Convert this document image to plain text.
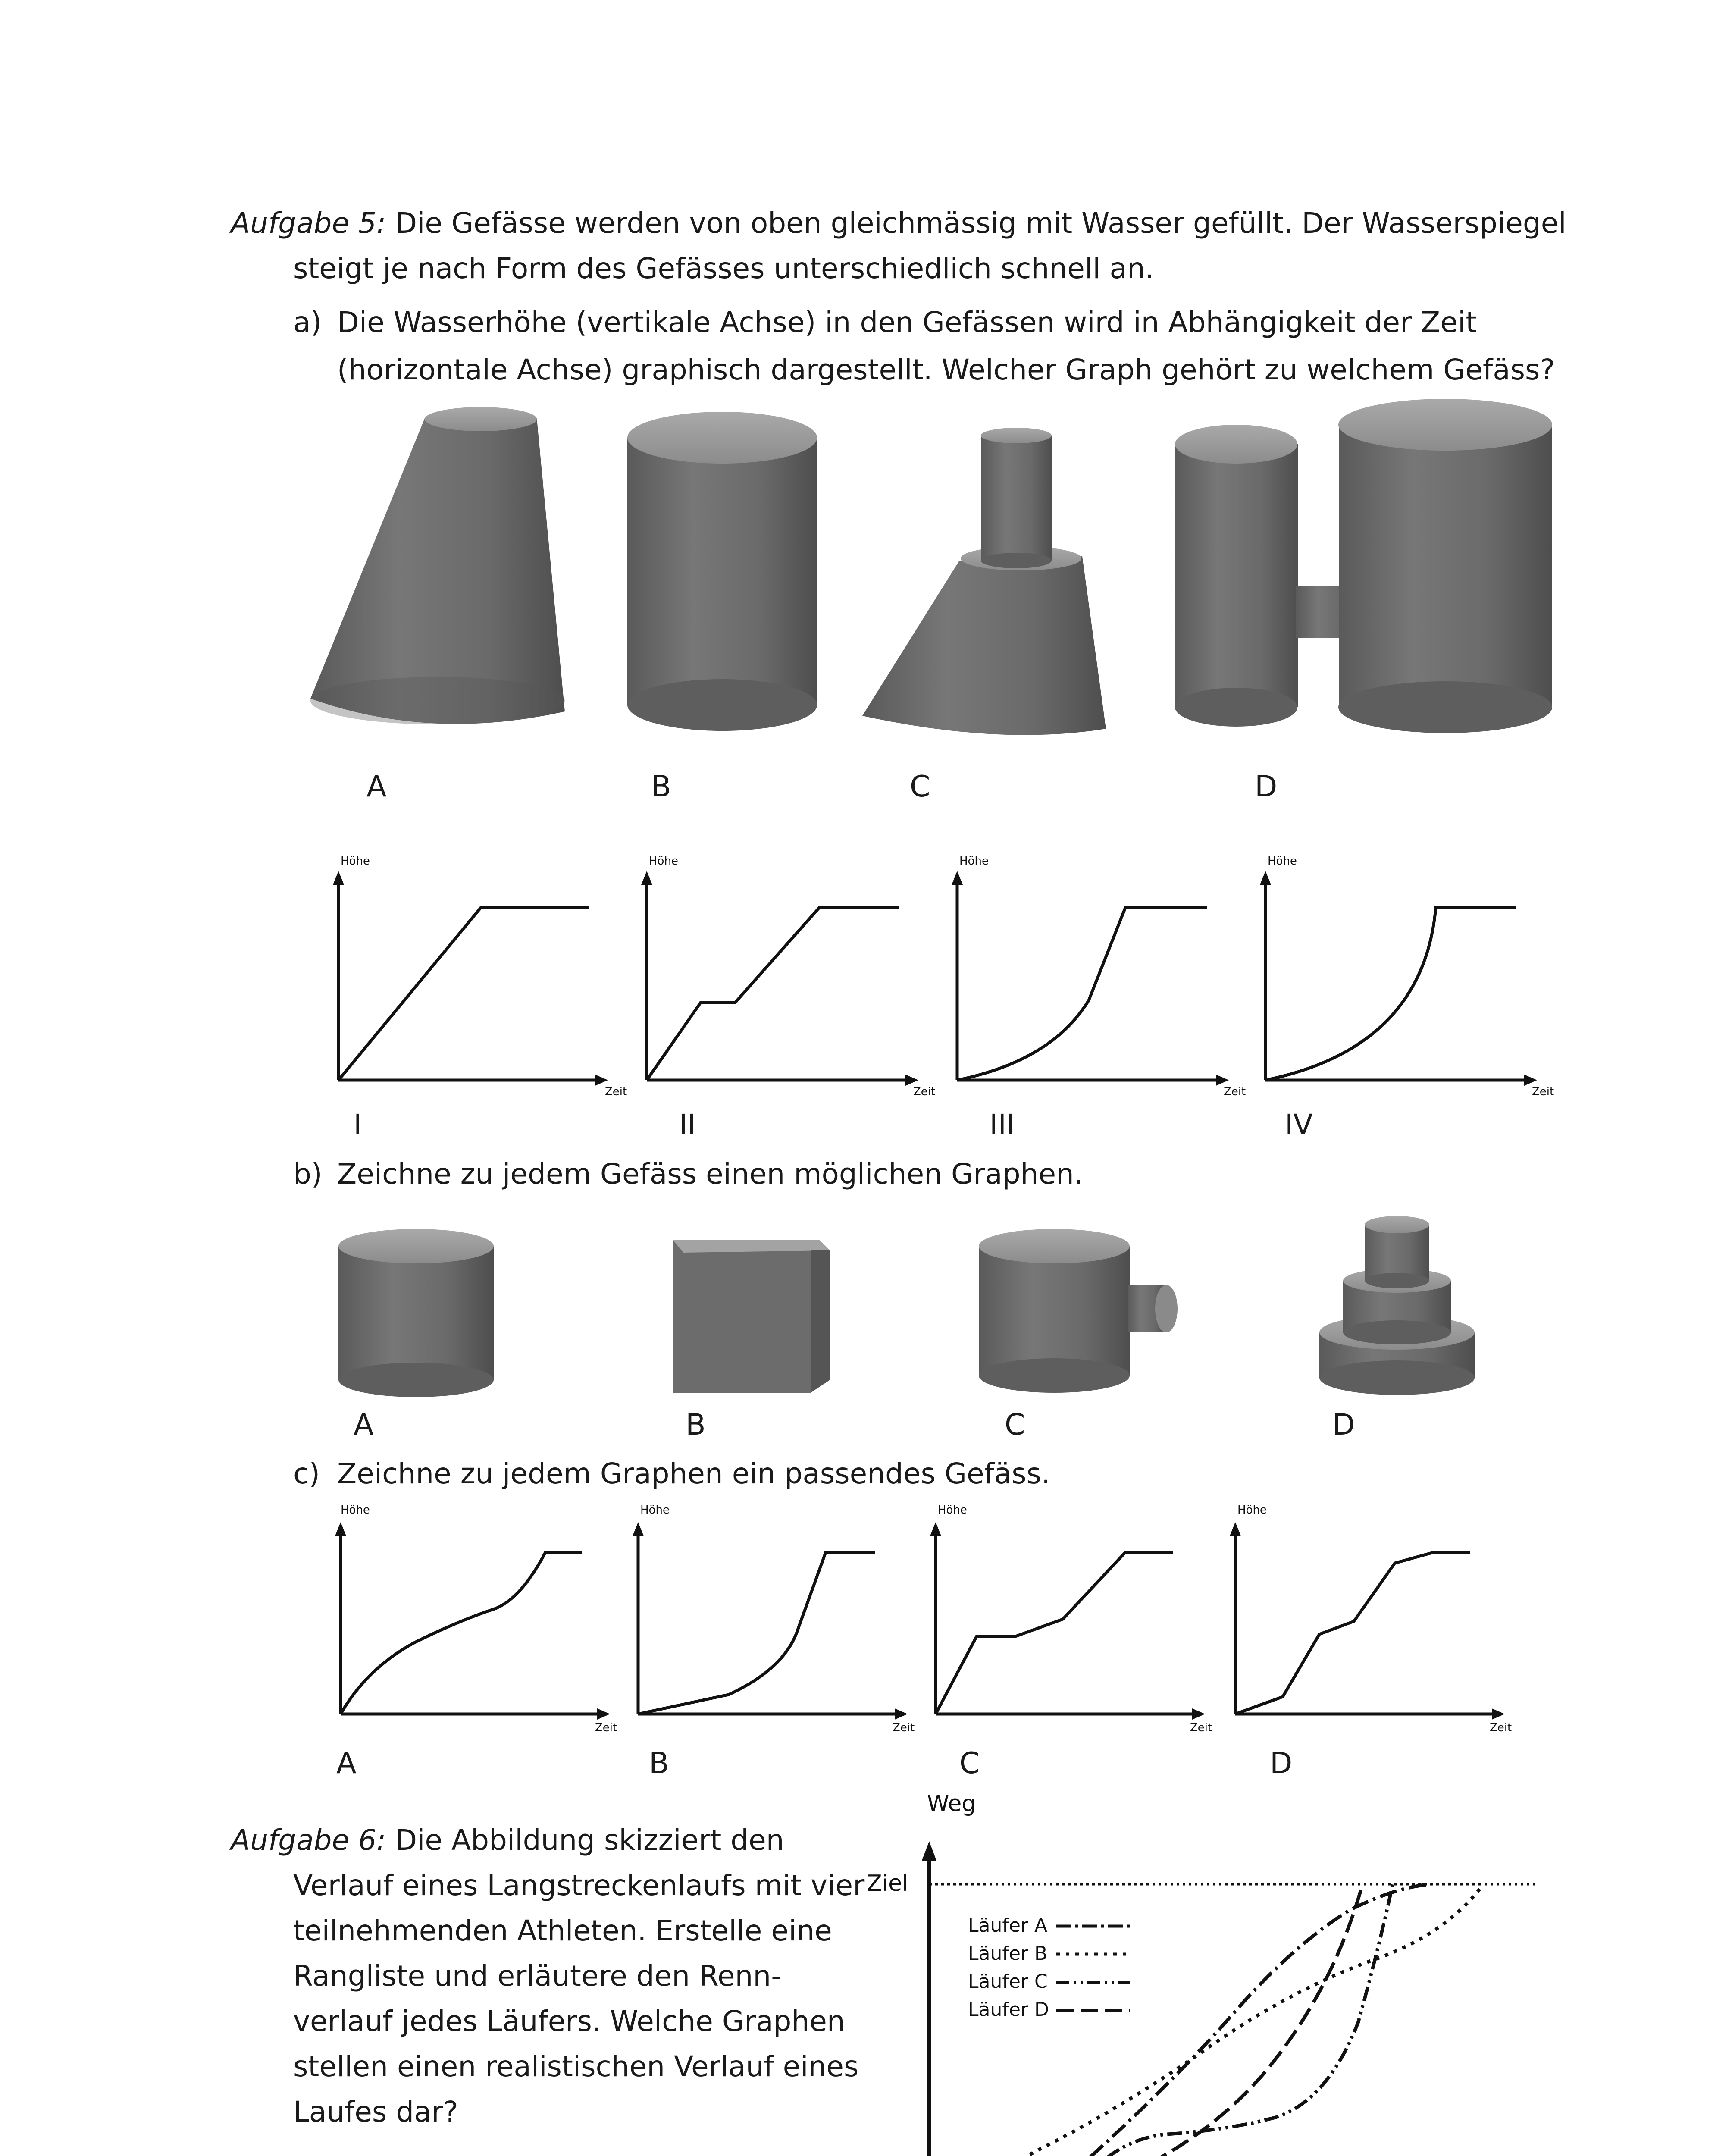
Aufgabe 5: Die Gefässe werden von oben gleichmässig mit Wasser gefüllt. Der Wasserspiegel
steigt je nach Form des Gefässes unterschiedlich schnell an.
a) Die Wasserhöhe (vertikale Achse) in den Gefässen wird in Abhängigkeit der Zeit
(horizontale Achse) graphisch dargestellt. Welcher Graph gehört zu welchem Gefäss?
A	B	C	D
Höhe
Zeit
Höhe
Zeit
Höhe
Zeit
Höhe
Zeit
I	II	III	IV
b) Zeichne zu jedem Gefäss einen möglichen Graphen.
A	B	C	D
c) Zeichne zu jedem Graphen ein passendes Gefäss.
Höhe
Zeit
Höhe
Zeit
Höhe
Zeit
Höhe
Zeit
A	B	C	D
Aufgabe 6: Die Abbildung skizziert den
Verlauf eines Langstreckenlaufs mit vier
teilnehmenden Athleten. Erstelle eine
Rangliste und erläutere den Renn-
verlauf jedes Läufers. Welche Graphen
stellen einen realistischen Verlauf eines
Laufes dar?
Weg
Ziel
Läufer A
Läufer B
Läufer C
Läufer D
